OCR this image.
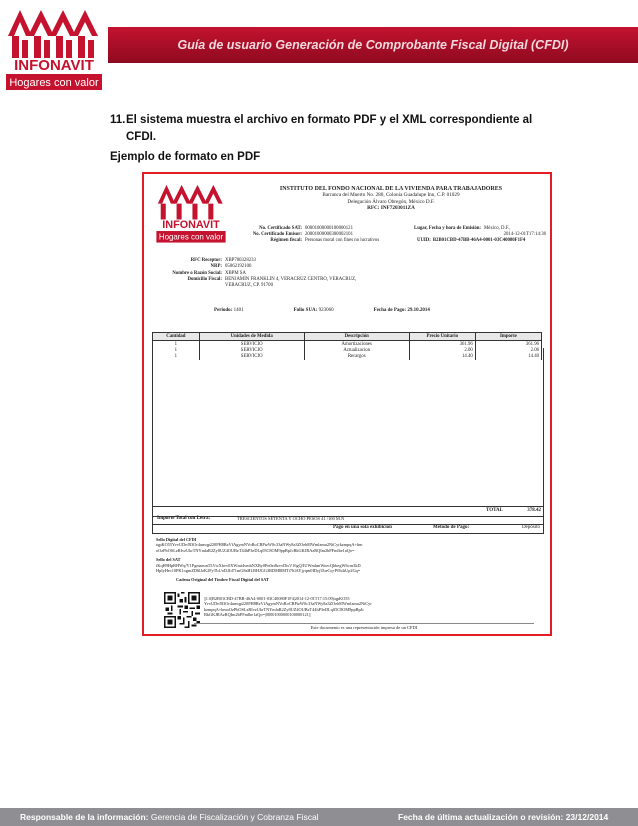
INFONAVIT
Hogares con valor
Guía de usuario Generación de Comprobante Fiscal Digital (CFDI)
11.El sistema muestra el archivo en formato PDF y el XML correspondiente al
CFDI.
Ejemplo de formato en PDF
INFONAVIT
Hogares con valor
INSTITUTO DEL FONDO NACIONAL DE LA VIVIENDA PARA TRABAJADORES
Barranca del Muerto No. 280, Colonia Guadalupe Inn, C.P. 01029
Delegación Álvaro Obregón, México D.F.
RFC: INF7203011ZA
No. Certificado SAT: 00001000000100000121	Lugar, Fecha y hora de Emisión: México, D.F.,
No. Certificado Emisor: 20001000000300002101	2014-12-01T17:14:36
Régimen fiscal: Personas moral con fines no lucrativos	UUID: B2B01CBD-47BB-46A4-0001-03C40080F1F4
RFC Receptor: XBP700328233
NRP: 05062192100
Nombre o Razón Social: XBPM SA
Domicilio Fiscal: BENJAMIN FRANKLIN 4, VERACRUZ CENTRO, VERACRUZ,
VERACRUZ, CP. 91700
Periodo: 1401	Folio SUA: 923060	Fecha de Pago: 29.10.2014
Cantidad	Unidades de Medida	Descripción	Precio Unitario	Importe
1	SERVICIO	Amortizaciones	361.96	361.96
1	SERVICIO	Actualizacion	2.00	2.06
1	SERVICIO	Recargos	14.40	14.40
TOTAL	378.42
Importe Total con Letra:	TRESCIENTOS SETENTA Y OCHO PESOS 41 /100 M.N
Pago en una sola exhibición	Método de Pago:	Depósito
Sello Digital del CFDI
tqpKO55YvvUDe/B3Or4umqp220PH8RzVfAgymNVoRoCRPtzW0c33aNWy8a3ZOeh8IWmlzmu2NtCyrkzmpqA+bm
oOzPbOSLzRIvzUkrTNYmlaR2Zy8UZ4OUBzT44hP3eDLq05C8OM9ppBpJcBkGKJRAzRQIm2bPFmlbe1aQo=
Sello del SAT
fKqH9HpRHWq/V1PgmaeonTLVicXhvv0XWmt4vmbNXRy0Pn0zt8zvvDtsV16gQ/IUWmhmWoecQbkegW6crn3kD
HpIyHec10PK1ogmZD6lJzK2FyTb1/oDJJd71mG8zHLRHJGG3RDM8lMTt7ltlAYjyqm0IDyjUbeCq+P0b4rUp2Gq=
Cadena Original del Timbre Fiscal Digital del SAT
||1.0|B2B01CBD-47BB-46A4-0001-03C40080F1F4|2014-12-01T17:15:09|tqpKO55
YvvUDe/B3Or4umqp220PH8RzVfAgymNVoRoCRPtzW0c33aNWy8a3ZOeh8IWmlzmu2NtCyr
kzmpqA+bmoOzPbOSLzRIvzUkrTNYmlaR2Zy8UZ4OUBzT44hP3eDLq05C8OM9ppBpJc
BkGKJRAzRQIm2bPFmlbe1aQo=|00001000000100000121||
Este documento es una representación impresa de un CFDI
Responsable de la información: Gerencia de Fiscalización y Cobranza Fiscal	Fecha de última actualización o revisión: 23/12/2014
